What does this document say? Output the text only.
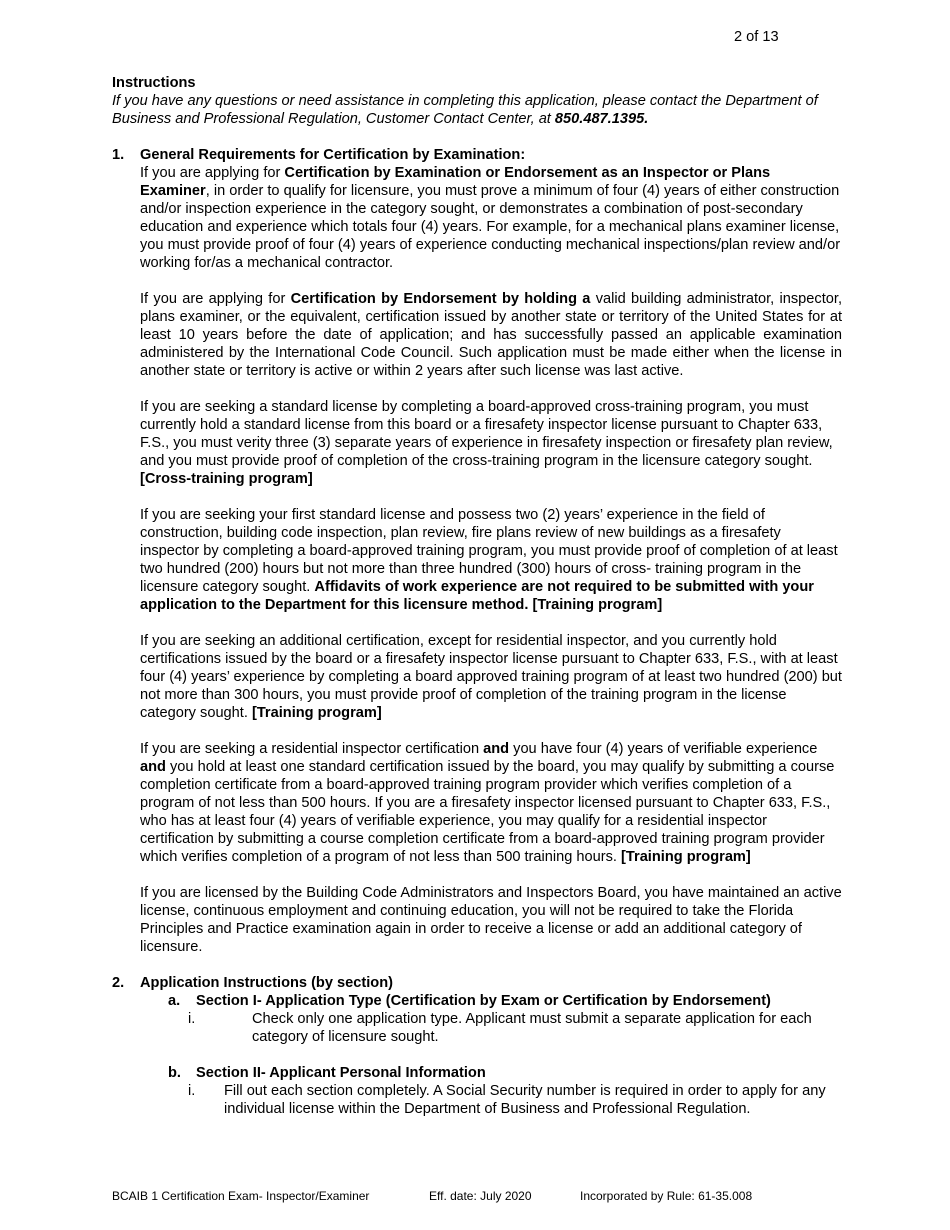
2 of 13
Instructions

If you have any questions or need assistance in completing this application, please contact the Department of Business and Professional Regulation, Customer Contact Center, at 850.487.1395.

1. General Requirements for Certification by Examination:

If you are applying for Certification by Examination or Endorsement as an Inspector or Plans Examiner, in order to qualify for licensure, you must prove a minimum of four (4) years of either construction and/or inspection experience in the category sought, or demonstrates a combination of post-secondary education and experience which totals four (4) years. For example, for a mechanical plans examiner license, you must provide proof of four (4) years of experience conducting mechanical inspections/plan review and/or working for/as a mechanical contractor.

If you are applying for Certification by Endorsement by holding a valid building administrator, inspector, plans examiner, or the equivalent, certification issued by another state or territory of the United States for at least 10 years before the date of application; and has successfully passed an applicable examination administered by the International Code Council. Such application must be made either when the license in another state or territory is active or within 2 years after such license was last active.

If you are seeking a standard license by completing a board-approved cross-training program, you must currently hold a standard license from this board or a firesafety inspector license pursuant to Chapter 633, F.S., you must verity three (3) separate years of experience in firesafety inspection or firesafety plan review, and you must provide proof of completion of the cross-training program in the licensure category sought. [Cross-training program]

If you are seeking your first standard license and possess two (2) years’ experience in the field of construction, building code inspection, plan review, fire plans review of new buildings as a firesafety inspector by completing a board-approved training program, you must provide proof of completion of at least two hundred (200) hours but not more than three hundred (300) hours of cross- training program in the licensure category sought. Affidavits of work experience are not required to be submitted with your application to the Department for this licensure method. [Training program]

If you are seeking an additional certification, except for residential inspector, and you currently hold certifications issued by the board or a firesafety inspector license pursuant to Chapter 633, F.S., with at least four (4) years’ experience by completing a board approved training program of at least two hundred (200) but not more than 300 hours, you must provide proof of completion of the training program in the license category sought. [Training program]

If you are seeking a residential inspector certification and you have four (4) years of verifiable experience and you hold at least one standard certification issued by the board, you may qualify by submitting a course completion certificate from a board-approved training program provider which verifies completion of a program of not less than 500 hours. If you are a firesafety inspector licensed pursuant to Chapter 633, F.S., who has at least four (4) years of verifiable experience, you may qualify for a residential inspector certification by submitting a course completion certificate from a board-approved training program provider which verifies completion of a program of not less than 500 training hours. [Training program]

If you are licensed by the Building Code Administrators and Inspectors Board, you have maintained an active license, continuous employment and continuing education, you will not be required to take the Florida Principles and Practice examination again in order to receive a license or add an additional category of licensure.

2. Application Instructions (by section)
a. Section I- Application Type (Certification by Exam or Certification by Endorsement)
i.	Check only one application type. Applicant must submit a separate application for each category of licensure sought.
b. Section II- Applicant Personal Information
i. Fill out each section completely. A Social Security number is required in order to apply for any individual license within the Department of Business and Professional Regulation.
BCAIB 1 Certification Exam- Inspector/Examiner	Eff. date: July 2020	Incorporated by Rule: 61-35.008
